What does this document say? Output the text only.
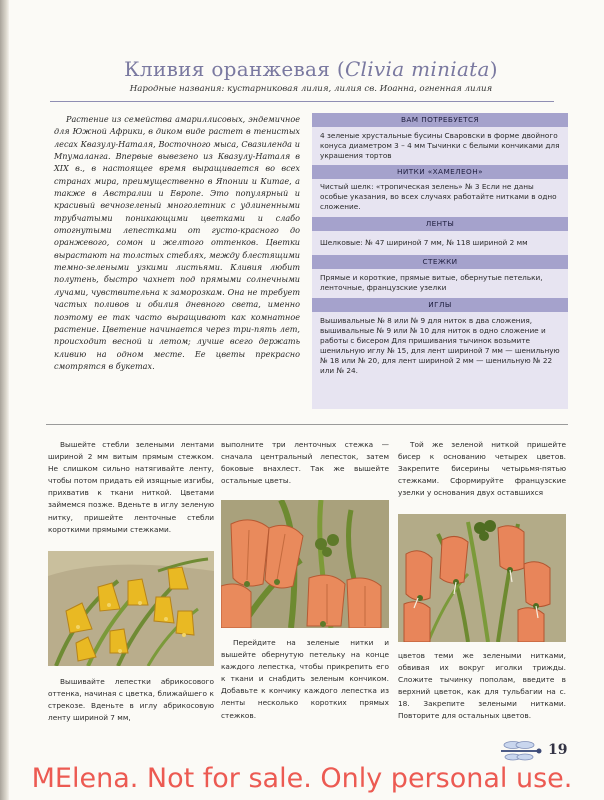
Кливия оранжевая (Clivia miniata)
Народные названия: кустарниковая лилия, лилия св. Иоанна, огненная лилия

Растение из семейства амариллисовых, эндемичное для Южной Африки, в диком виде растет в тенистых лесах Квазулу-Наталя, Восточного мыса, Свазиленда и Мпумаланга. Впервые вывезено из Квазулу-Наталя в XIX в., в настоящее время выращивается во всех странах мира, преимущественно в Японии и Китае, а также в Австралии и Европе. Это популярный и красивый вечнозеленый многолетник с удлиненными трубчатыми поникающими цветками и слабо отогнутыми лепестками от густо-красного до оранжевого, сомон и желтого оттенков. Цветки вырастают на толстых стеблях, между блестящими темно-зелеными узкими листьями. Кливия любит полутень, быстро чахнет под прямыми солнечными лучами, чувствительна к заморозкам. Она не требует частых поливов и обилия дневного света, именно поэтому ее так часто выращивают как комнатное растение. Цветение начинается через три-пять лет, происходит весной и летом; лучше всего держать кливию на одном месте. Ее цветы прекрасно смотрятся в букетах.

ВАМ ПОТРЕБУЕТСЯ
4 зеленые хрустальные бусины Сваровски в форме двойного конуса диаметром 3 – 4 мм Тычинки с белыми кончиками для украшения тортов
НИТКИ «ХАМЕЛЕОН»
Чистый шелк: «тропическая зелень» № 3 Если не даны особые указания, во всех случаях работайте нитками в одно сложение.
ЛЕНТЫ
Шелковые: № 47 шириной 7 мм, № 118 шириной 2 мм
СТЕЖКИ
Прямые и короткие, прямые витые, обернутые петельки, ленточные, французские узелки
ИГЛЫ
Вышивальные № 8 или № 9 для ниток в два сложения, вышивальные № 9 или № 10 для ниток в одно сложение и работы с бисером Для пришивания тычинок возьмите шенильную иглу № 15, для лент шириной 7 мм — шенильную № 18 или № 20, для лент шириной 2 мм — шенильную № 22 или № 24.

Вышейте стебли зелеными лентами шириной 2 мм витым прямым стежком. Не слишком сильно натягивайте ленту, чтобы потом придать ей изящные изгибы, прихватив к ткани ниткой. Цветами займемся позже. Вденьте в иглу зеленую нитку, пришейте ленточные стебли короткими прямыми стежками.

выполните три ленточных стежка — сначала центральный лепесток, затем боковые внахлест. Так же вышейте остальные цветы.

Той же зеленой ниткой пришейте бисер к основанию четырех цветов. Закрепите бисерины четырьмя-пятью стежками. Сформируйте французские узелки у основания двух оставшихся

Вышивайте лепестки абрикосового оттенка, начиная с цветка, ближайшего к стрекозе. Вденьте в иглу абрикосовую ленту шириной 7 мм,

Перейдите на зеленые нитки и вышейте обернутую петельку на конце каждого лепестка, чтобы прикрепить его к ткани и снабдить зеленым кончиком. Добавьте к кончику каждого лепестка из ленты несколько коротких прямых стежков.

цветов теми же зелеными нитками, обвивая их вокруг иголки трижды. Сложите тычинку пополам, введите в верхний цветок, как для тульбагии на с. 18. Закрепите зелеными нитками. Повторите для остальных цветов.

19
MElena. Not for sale. Only personal use.
